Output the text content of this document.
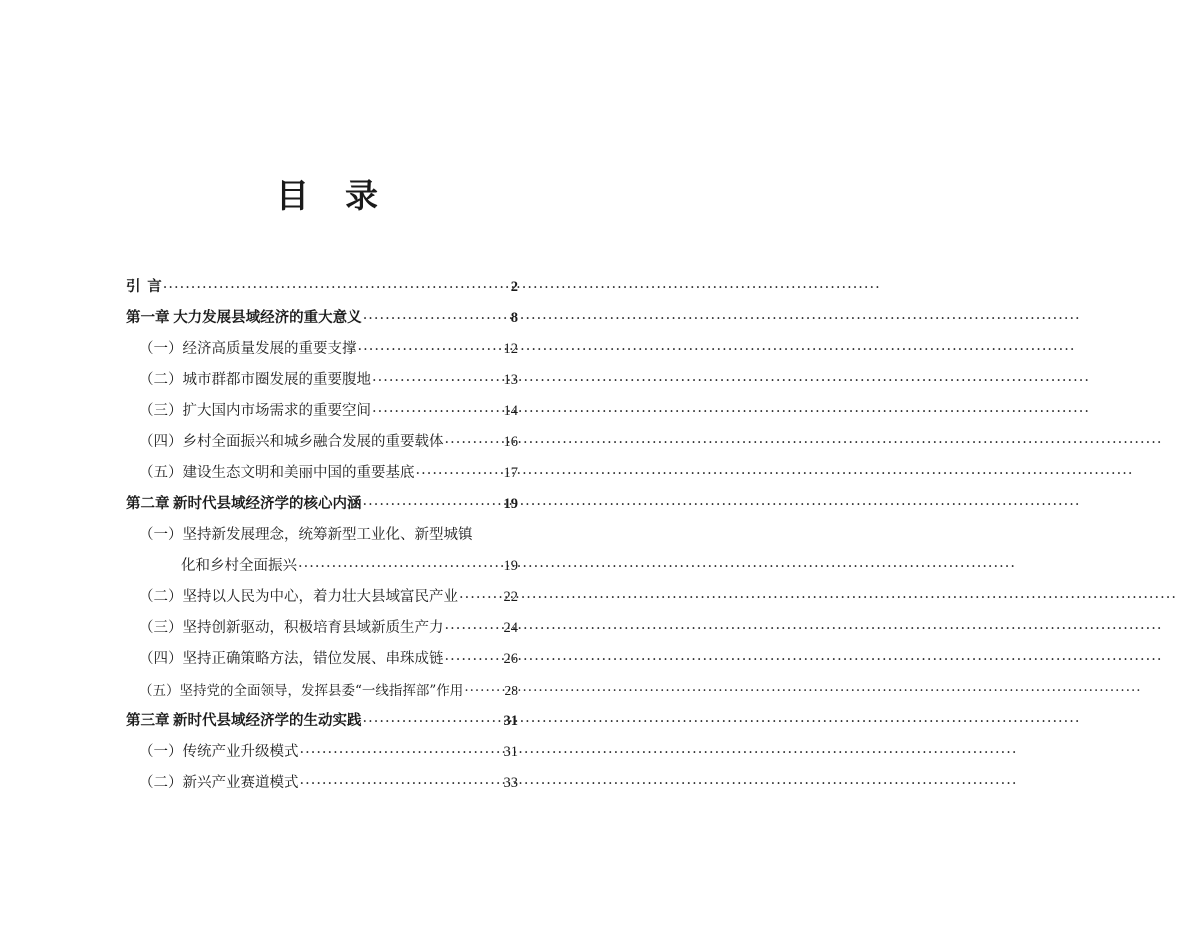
目 录
引 言 ·····	2
第一章 大力发展县域经济的重大意义 ·····	8
（一） 经济高质量发展的重要支撑 ·····	12
（二） 城市群都市圈发展的重要腹地 ·····	13
（三） 扩大国内市场需求的重要空间 ·····	14
（四） 乡村全面振兴和城乡融合发展的重要载体 ·····	16
（五） 建设生态文明和美丽中国的重要基底 ·····	17
第二章 新时代县域经济学的核心内涵 ·····	19
（一） 坚持新发展理念，统筹新型工业化、新型城镇
化和乡村全面振兴 ·····	19
（二） 坚持以人民为中心，着力壮大县域富民产业 ·····	22
（三） 坚持创新驱动，积极培育县域新质生产力 ·····	24
（四） 坚持正确策略方法，错位发展、串珠成链 ·····	26
（五） 坚持党的全面领导，发挥县委“一线指挥部”作用 ·····	28
第三章 新时代县域经济学的生动实践 ·····	31
（一） 传统产业升级模式 ·····	31
（二） 新兴产业赛道模式 ·····	33
